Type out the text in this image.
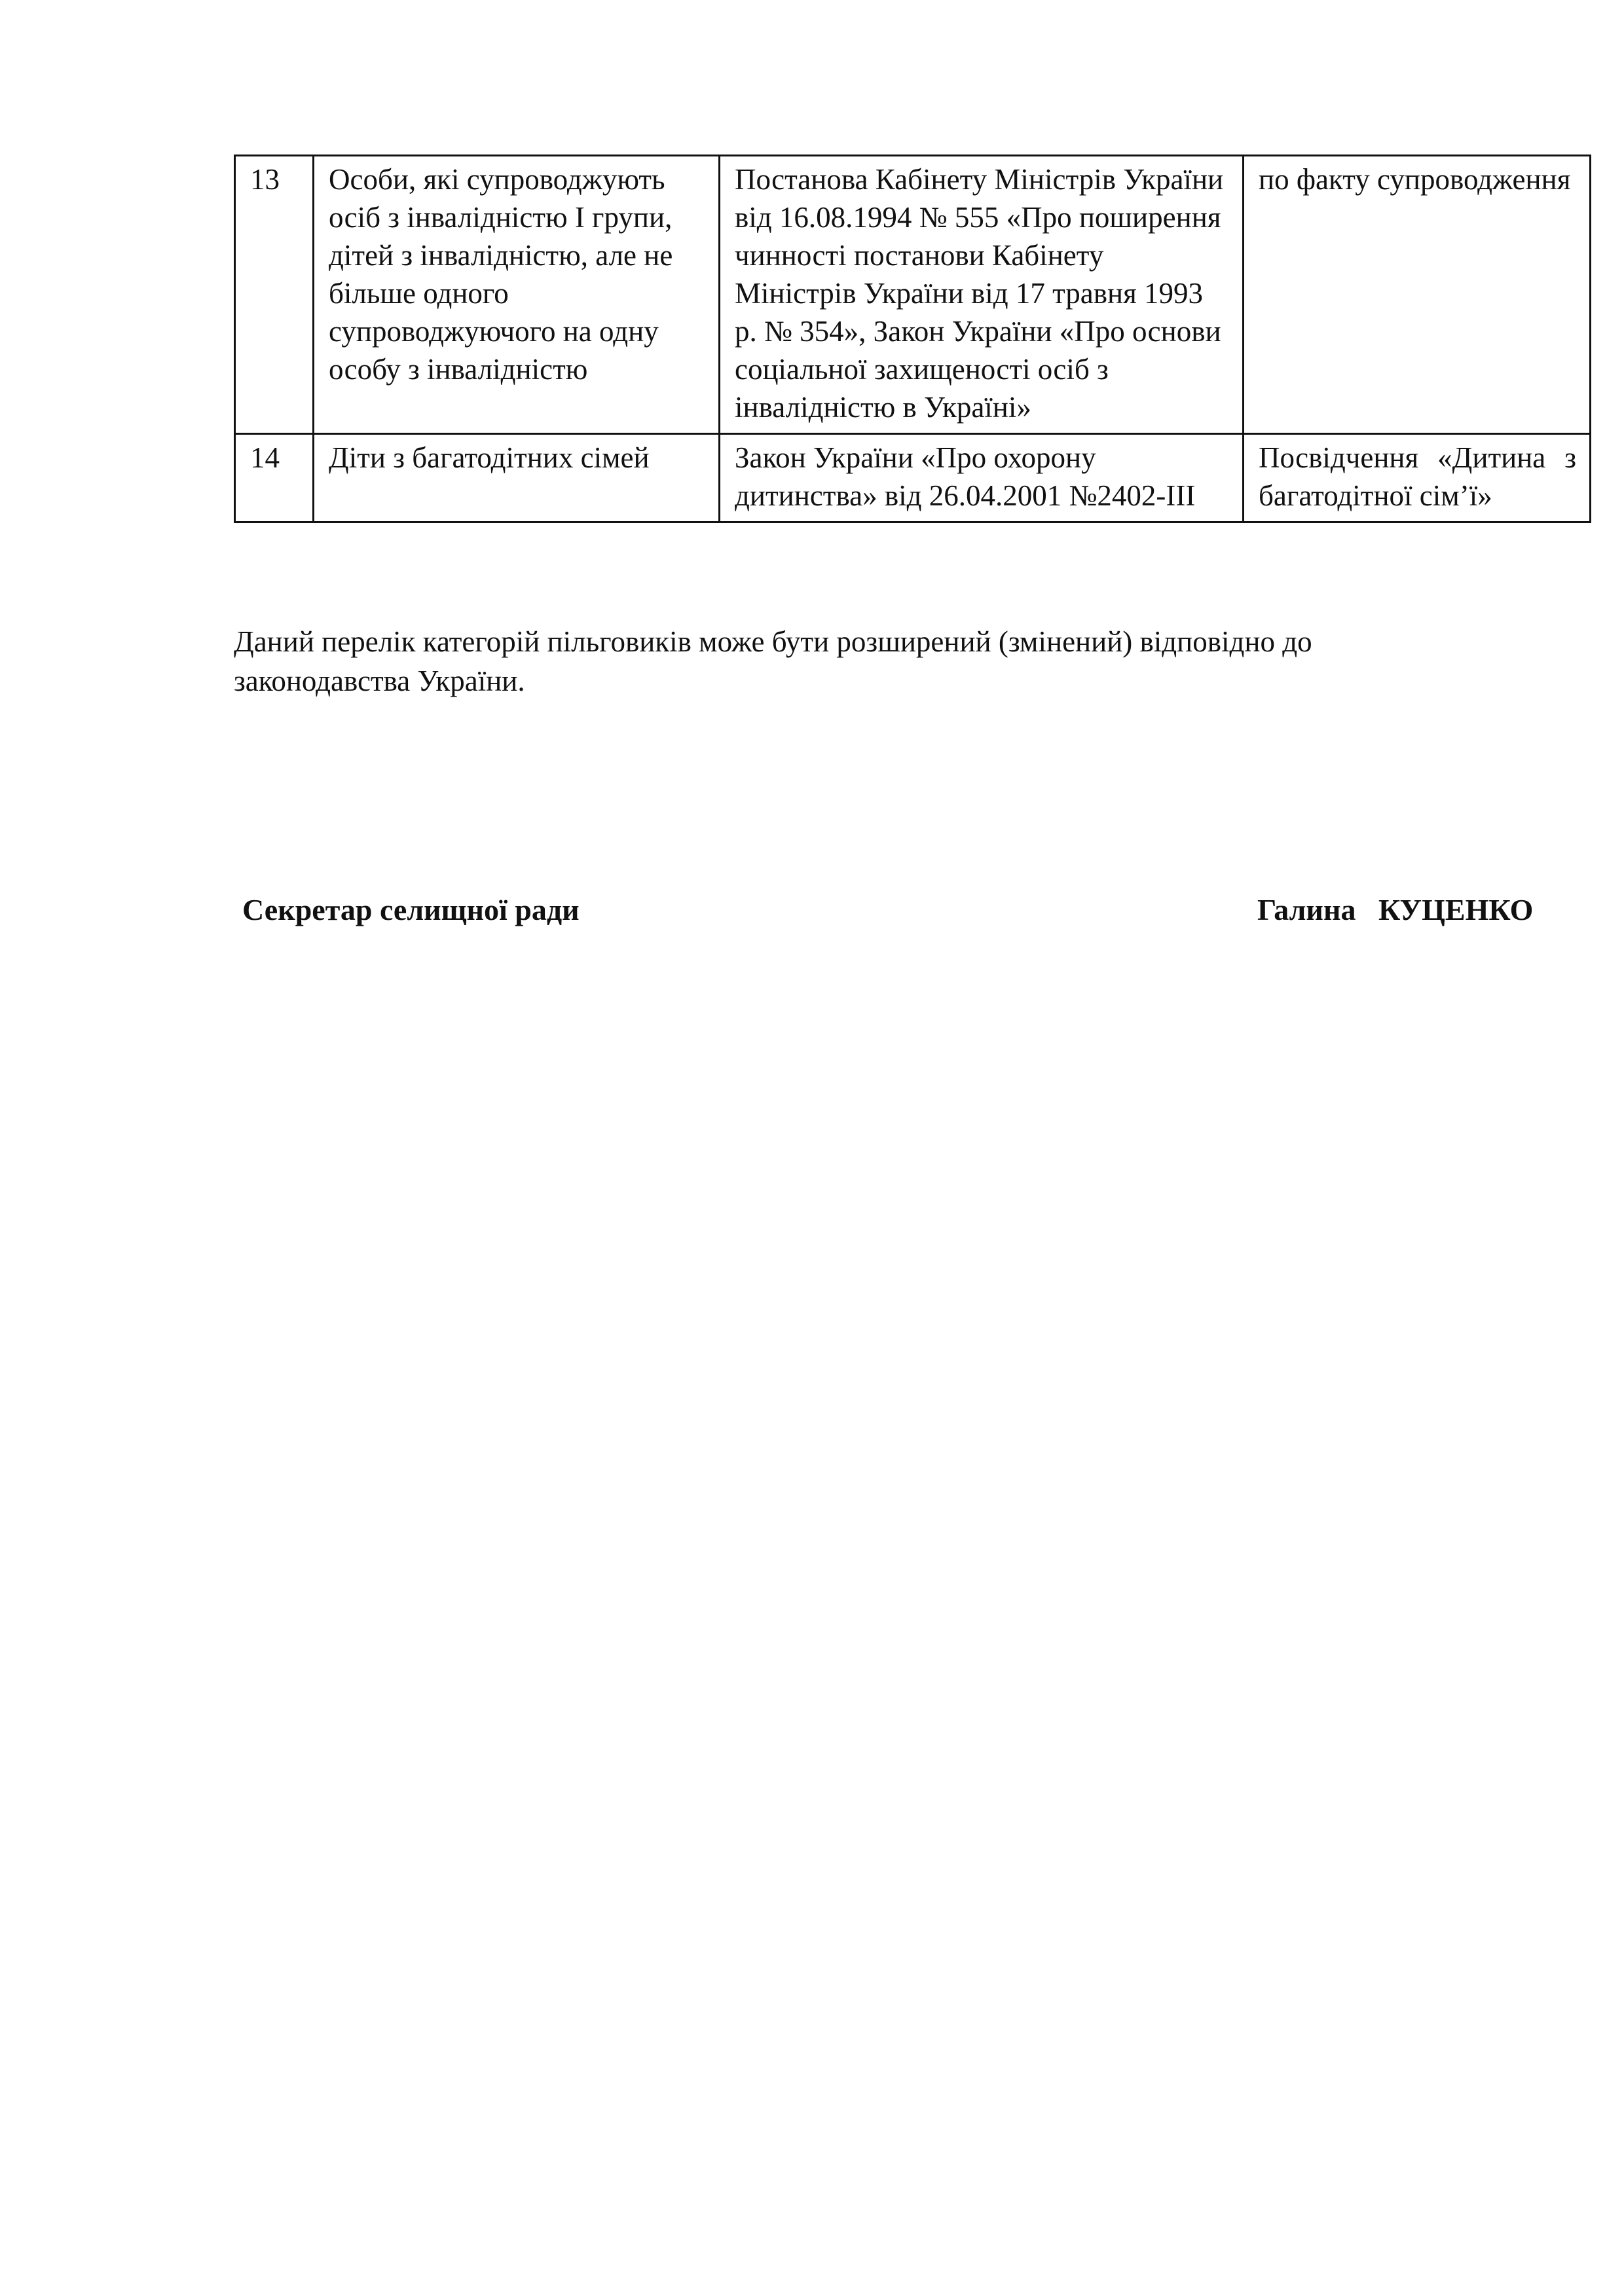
13	Особи, які супроводжують осіб з інвалідністю І групи, дітей з інвалідністю, але не більше одного супроводжуючого на одну особу з інвалідністю	Постанова Кабінету Міністрів України від 16.08.1994 № 555 «Про поширення чинності постанови Кабінету Міністрів України від 17 травня 1993 р. № 354», Закон України «Про основи соціальної захищеності осіб з інвалідністю в Україні»	по факту супроводження

14	Діти з багатодітних сімей	Закон України «Про охорону дитинства» від 26.04.2001 №2402-ІІІ	Посвідчення «Дитина з багатодітної сім’ї»

Даний перелік категорій пільговиків може бути розширений (змінений) відповідно до законодавства України.

Секретар селищної ради	Галина   КУЦЕНКО
